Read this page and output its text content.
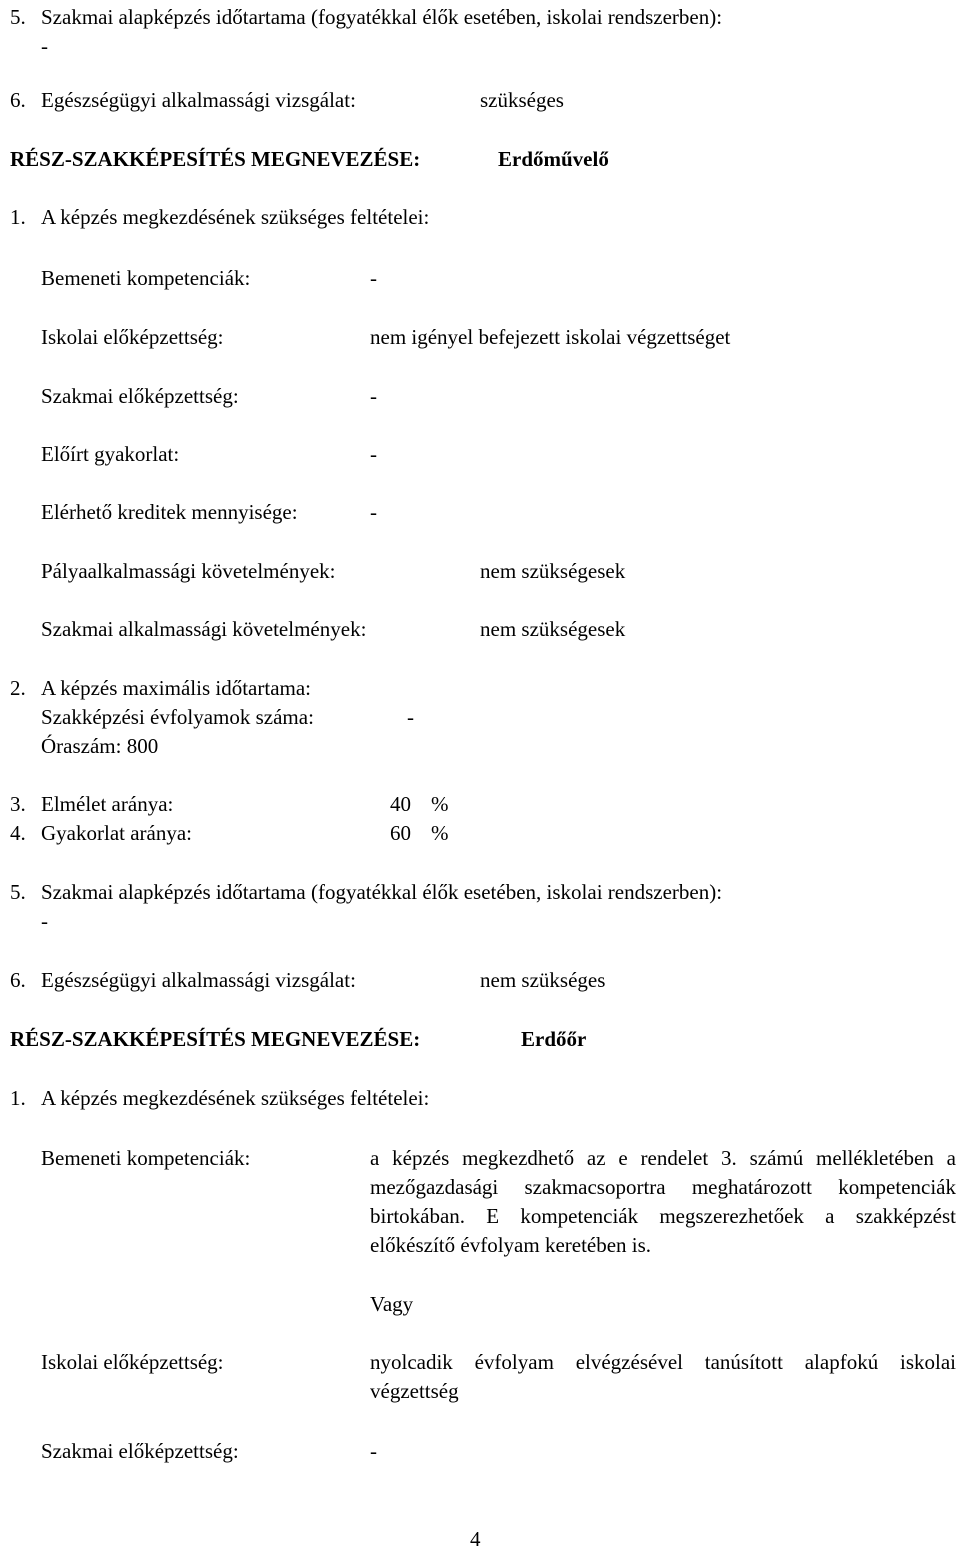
5. Szakmai alapképzés időtartama (fogyatékkal élők esetében, iskolai rendszerben):
-
6. Egészségügyi alkalmassági vizsgálat:	szükséges
RÉSZ-SZAKKÉPESÍTÉS MEGNEVEZÉSE:	Erdőművelő
1. A képzés megkezdésének szükséges feltételei:
Bemeneti kompetenciák:	-
Iskolai előképzettség:	nem igényel befejezett iskolai végzettséget
Szakmai előképzettség:	-
Előírt gyakorlat:	-
Elérhető kreditek mennyisége:	-
Pályaalkalmassági követelmények:	nem szükségesek
Szakmai alkalmassági követelmények:	nem szükségesek
2. A képzés maximális időtartama:
Szakképzési évfolyamok száma:	-
Óraszám: 800
3. Elmélet aránya:	40 %
4. Gyakorlat aránya:	60 %
5. Szakmai alapképzés időtartama (fogyatékkal élők esetében, iskolai rendszerben):
-
6. Egészségügyi alkalmassági vizsgálat:	nem szükséges
RÉSZ-SZAKKÉPESÍTÉS MEGNEVEZÉSE:	Erdőőr
1. A képzés megkezdésének szükséges feltételei:
Bemeneti kompetenciák:	a képzés megkezdhető az e rendelet 3. számú mellékletében a mezőgazdasági szakmacsoportra meghatározott kompetenciák birtokában. E kompetenciák megszerezhetőek a szakképzést előkészítő évfolyam keretében is.
Vagy
Iskolai előképzettség:	nyolcadik évfolyam elvégzésével tanúsított alapfokú iskolai végzettség
Szakmai előképzettség:	-
4
